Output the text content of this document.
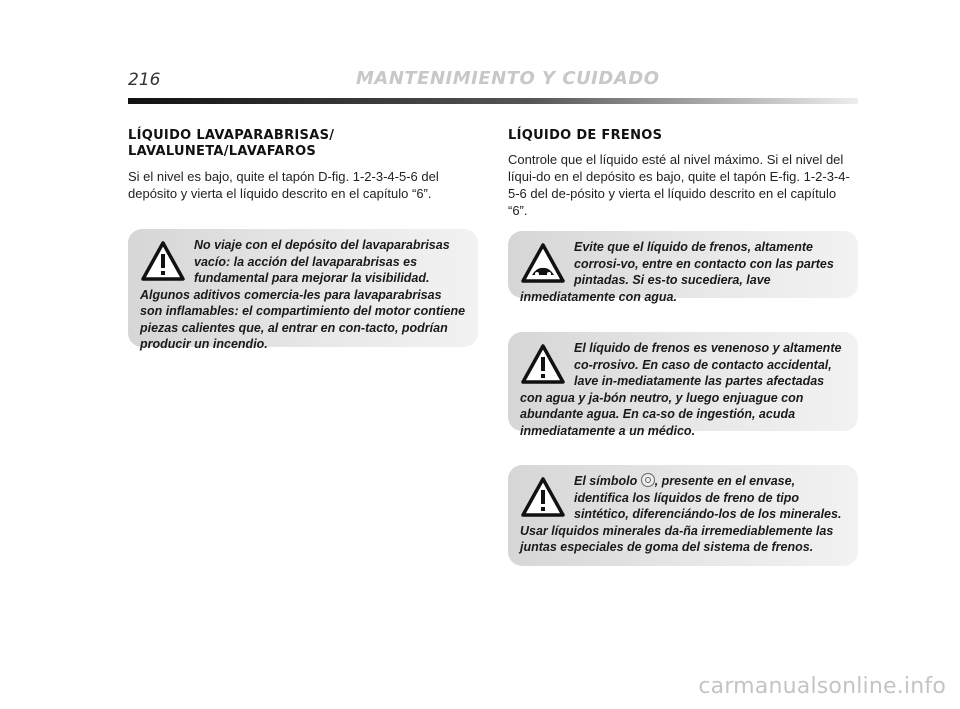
216	MANTENIMIENTO Y CUIDADO
LÍQUIDO LAVAPARABRISAS/
LAVALUNETA/LAVAFAROS
Si el nivel es bajo, quite el tapón D-fig. 1-2-3-4-5-6 del depósito y vierta el líquido descrito en el capítulo “6”.
No viaje con el depósito del lavaparabrisas vacío: la acción del lavaparabrisas es fundamental para mejorar la visibilidad. Algunos aditivos comercia-les para lavaparabrisas son inflamables: el compartimiento del motor contiene piezas calientes que, al entrar en con-tacto, podrían producir un incendio.
LÍQUIDO DE FRENOS
Controle que el líquido esté al nivel máximo. Si el nivel del líqui-do en el depósito es bajo, quite el tapón E-fig. 1-2-3-4-5-6 del de-pósito y vierta el líquido descrito en el capítulo “6”.
Evite que el líquido de frenos, altamente corrosi-vo, entre en contacto con las partes pintadas. Si es-to sucediera, lave inmediatamente con agua.
El líquido de frenos es venenoso y altamente co-rrosivo. En caso de contacto accidental, lave in-mediatamente las partes afectadas con agua y ja-bón neutro, y luego enjuague con abundante agua. En ca-so de ingestión, acuda inmediatamente a un médico.
El símbolo , presente en el envase, identifica los líquidos de freno de tipo sintético, diferenciándo-los de los minerales. Usar líquidos minerales da-ña irremediablemente las juntas especiales de goma del sistema de frenos.
carmanualsonline.info
